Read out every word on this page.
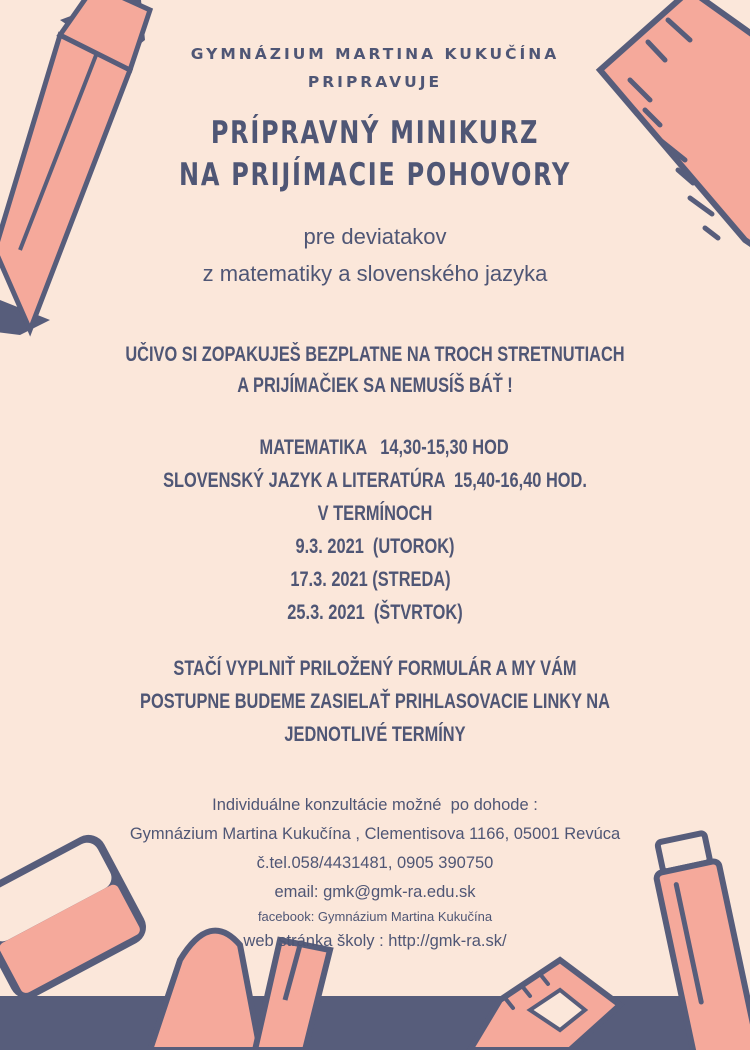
GYMNÁZIUM MARTINA KUKUČÍNA
PRIPRAVUJE
PRÍPRAVNÝ MINIKURZ
NA PRIJÍMACIE POHOVORY
pre deviatakov
z matematiky a slovenského jazyka
UČIVO SI ZOPAKUJEŠ BEZPLATNE NA TROCH STRETNUTIACH
A PRIJÍMAČIEK SA NEMUSÍŠ BÁŤ !
MATEMATIKA   14,30-15,30 HOD
SLOVENSKÝ JAZYK A LITERATÚRA  15,40-16,40 HOD.
V TERMÍNOCH
9.3. 2021  (UTOROK)
17.3. 2021 (STREDA)
25.3. 2021  (ŠTVRTOK)
STAČÍ VYPLNIŤ PRILOŽENÝ FORMULÁR A MY VÁM
POSTUPNE BUDEME ZASIELAŤ PRIHLASOVACIE LINKY NA
JEDNOTLIVÉ TERMÍNY
Individuálne konzultácie možné  po dohode :
Gymnázium Martina Kukučína , Clementisova 1166, 05001 Revúca
č.tel.058/4431481, 0905 390750
email: gmk@gmk-ra.edu.sk
facebook: Gymnázium Martina Kukučína
web stránka školy : http://gmk-ra.sk/
